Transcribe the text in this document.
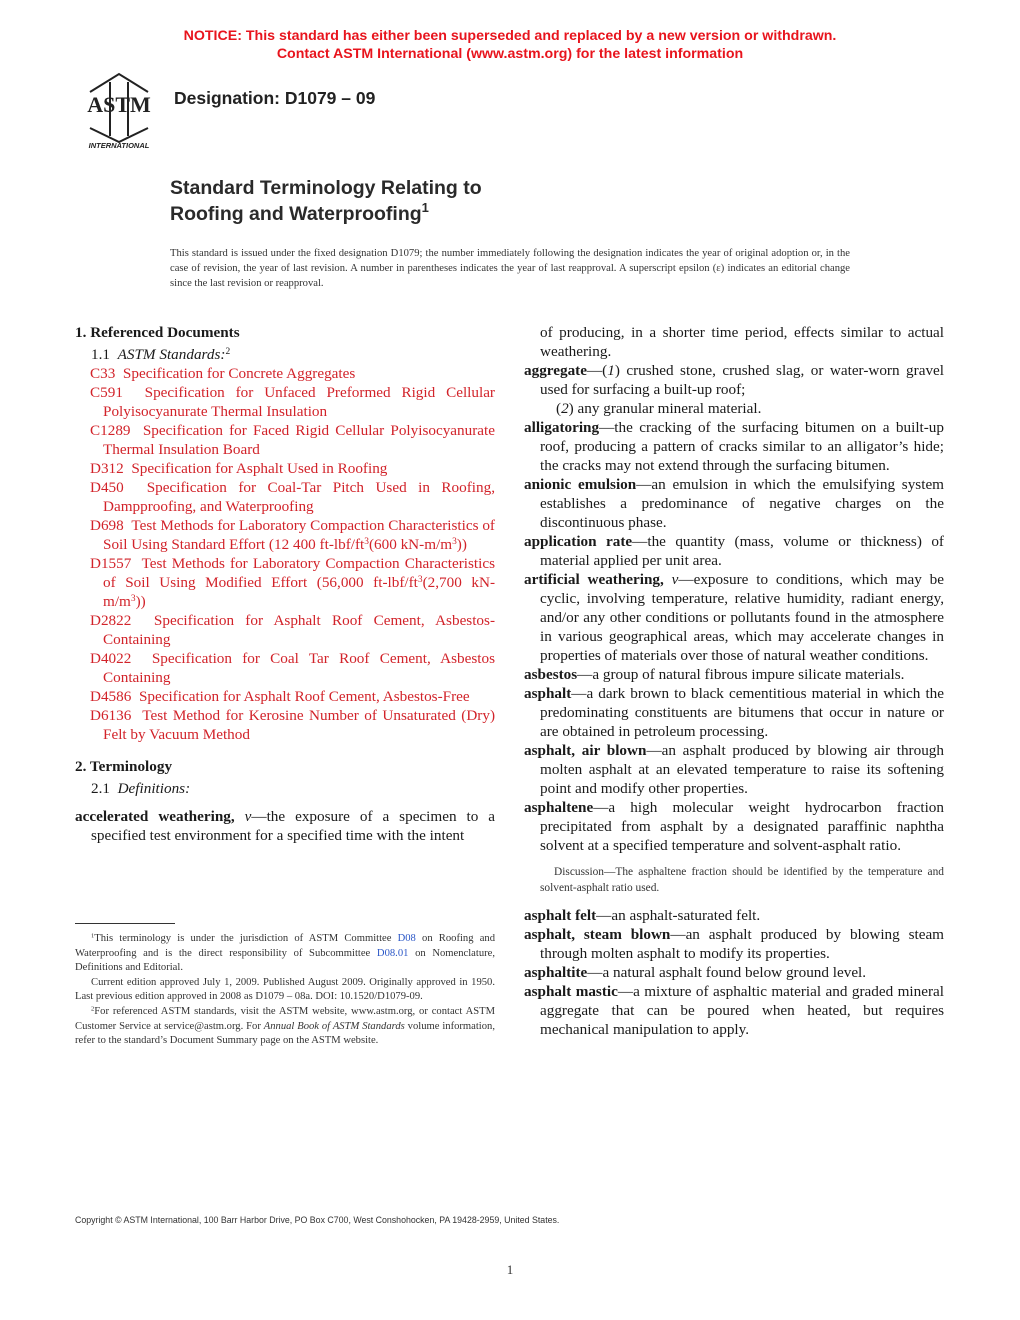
NOTICE: This standard has either been superseded and replaced by a new version or withdrawn.
Contact ASTM International (www.astm.org) for the latest information
ASTM
INTERNATIONAL
Designation: D1079 – 09
Standard Terminology Relating to
Roofing and Waterproofing$^1$
This standard is issued under the fixed designation D1079; the number immediately following the designation indicates the year of original adoption or, in the case of revision, the year of last revision. A number in parentheses indicates the year of last reapproval. A superscript epsilon (ε) indicates an editorial change since the last revision or reapproval.

1. Referenced Documents

1.1 ASTM Standards:$^2$

C33 Specification for Concrete Aggregates

C591 Specification for Unfaced Preformed Rigid Cellular Polyisocyanurate Thermal Insulation

C1289 Specification for Faced Rigid Cellular Polyisocyanurate Thermal Insulation Board

D312 Specification for Asphalt Used in Roofing

D450 Specification for Coal-Tar Pitch Used in Roofing, Dampproofing, and Waterproofing

D698 Test Methods for Laboratory Compaction Characteristics of Soil Using Standard Effort (12 400 $ft-lbf/ft^3(600$ $kN-m/m^3$))

D1557 Test Methods for Laboratory Compaction Characteristics of Soil Using Modified Effort (56,000 $ft-lbf/ft^3(2,700$ $kN-m/m^3$))

D2822 Specification for Asphalt Roof Cement, Asbestos-Containing

D4022 Specification for Coal Tar Roof Cement, Asbestos Containing

D4586 Specification for Asphalt Roof Cement, Asbestos-Free

D6136 Test Method for Kerosine Number of Unsaturated (Dry) Felt by Vacuum Method

2. Terminology

2.1 Definitions:

accelerated weathering, v—the exposure of a specimen to a specified test environment for a specified time with the intent

of producing, in a shorter time period, effects similar to actual weathering.

aggregate—(1) crushed stone, crushed slag, or water-worn gravel used for surfacing a built-up roof;

(2) any granular mineral material.

alligatoring—the cracking of the surfacing bitumen on a built-up roof, producing a pattern of cracks similar to an alligator’s hide; the cracks may not extend through the surfacing bitumen.

anionic emulsion—an emulsion in which the emulsifying system establishes a predominance of negative charges on the discontinuous phase.

application rate—the quantity (mass, volume or thickness) of material applied per unit area.

artificial weathering, v—exposure to conditions, which may be cyclic, involving temperature, relative humidity, radiant energy, and/or any other conditions or pollutants found in the atmosphere in various geographical areas, which may accelerate changes in properties of materials over those of natural weather conditions.

asbestos—a group of natural fibrous impure silicate materials.

asphalt—a dark brown to black cementitious material in which the predominating constituents are bitumens that occur in nature or are obtained in petroleum processing.

asphalt, air blown—an asphalt produced by blowing air through molten asphalt at an elevated temperature to raise its softening point and modify other properties.

asphaltene—a high molecular weight hydrocarbon fraction precipitated from asphalt by a designated paraffinic naphtha solvent at a specified temperature and solvent-asphalt ratio.

Discussion—The asphaltene fraction should be identified by the temperature and solvent-asphalt ratio used.

asphalt felt—an asphalt-saturated felt.

asphalt, steam blown—an asphalt produced by blowing steam through molten asphalt to modify its properties.

asphaltite—a natural asphalt found below ground level.

asphalt mastic—a mixture of asphaltic material and graded mineral aggregate that can be poured when heated, but requires mechanical manipulation to apply.

$^1$This terminology is under the jurisdiction of ASTM Committee D08 on Roofing and Waterproofing and is the direct responsibility of Subcommittee D08.01 on Nomenclature, Definitions and Editorial.

Current edition approved July 1, 2009. Published August 2009. Originally approved in 1950. Last previous edition approved in 2008 as D1079 – 08a. DOI: 10.1520/D1079-09.

$^2$For referenced ASTM standards, visit the ASTM website, www.astm.org, or contact ASTM Customer Service at service@astm.org. For Annual Book of ASTM Standards volume information, refer to the standard’s Document Summary page on the ASTM website.

Copyright © ASTM International, 100 Barr Harbor Drive, PO Box C700, West Conshohocken, PA 19428-2959, United States.
1
